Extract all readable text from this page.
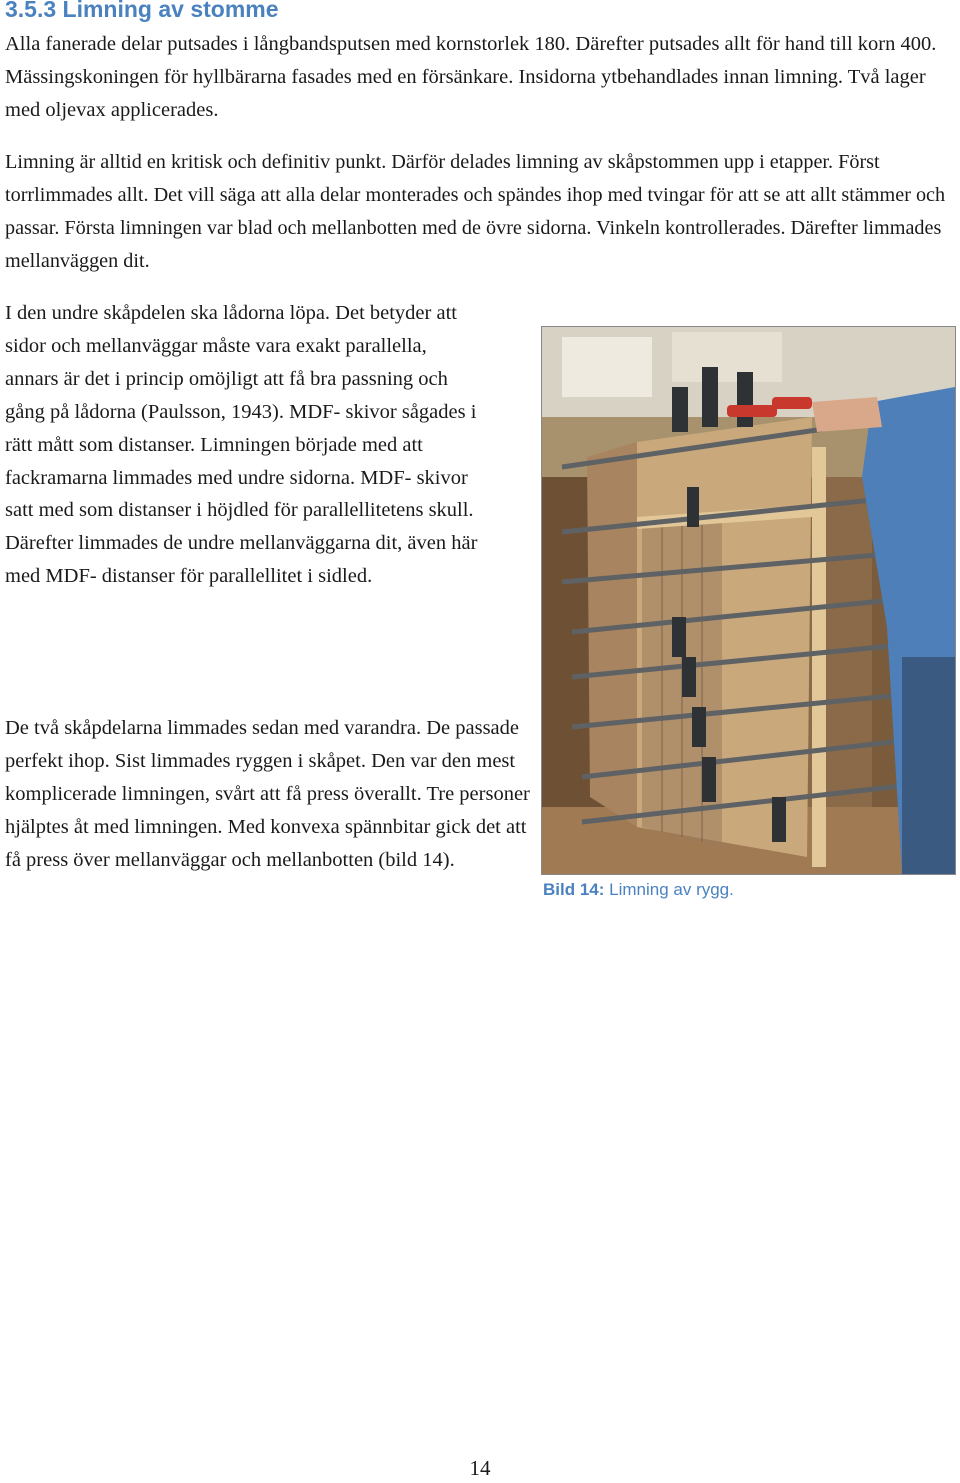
3.5.3 Limning av stomme

Alla fanerade delar putsades i långbandsputsen med kornstorlek 180. Därefter putsades allt för hand till korn 400. Mässingskoningen för hyllbärarna fasades med en försänkare. Insidorna ytbehandlades innan limning. Två lager med oljevax applicerades.

Limning är alltid en kritisk och definitiv punkt. Därför delades limning av skåpstommen upp i etapper. Först torrlimmades allt. Det vill säga att alla delar monterades och spändes ihop med tvingar för att se att allt stämmer och passar. Första limningen var blad och mellanbotten med de övre sidorna. Vinkeln kontrollerades. Därefter limmades mellanväggen dit.

I den undre skåpdelen ska lådorna löpa. Det betyder att sidor och mellanväggar måste vara exakt parallella, annars är det i princip omöjligt att få bra passning och gång på lådorna (Paulsson, 1943). MDF- skivor sågades i rätt mått som distanser. Limningen började med att fackramarna limmades med undre sidorna. MDF- skivor satt med som distanser i höjdled för parallellitetens skull. Därefter limmades de undre mellanväggarna dit, även här med MDF- distanser för parallellitet i sidled.

De två skåpdelarna limmades sedan med varandra. De passade perfekt ihop. Sist limmades ryggen i skåpet. Den var den mest komplicerade limningen, svårt att få press överallt. Tre personer hjälptes åt med limningen. Med konvexa spännbitar gick det att få press över mellanväggar och mellanbotten (bild 14).

Bild 14: Limning av rygg.

14
